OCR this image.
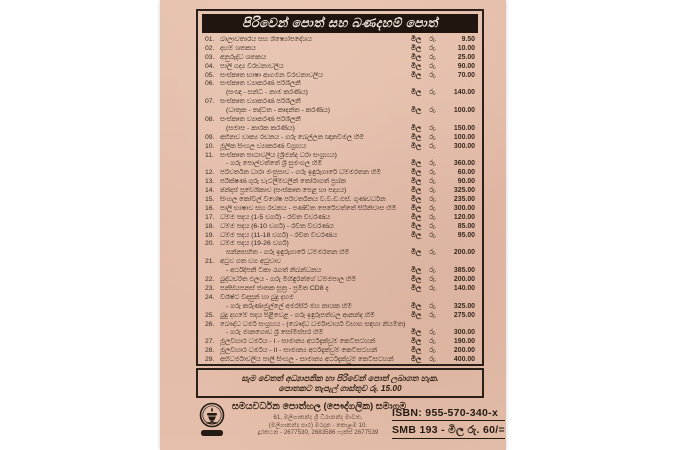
පිරිවෙන් පොත් සහ බණදහම් පොත්
01. බාලාවතාරය සහ ශිෂ්‍යෝපදේශය	මිල	රු.	9.50
02. දහම් ශතකය	මිල	රු.	10.00
03. අනුරුද්ධ ශතකය	මිල	රු.	25.00
04. පාලි ගද්‍ය විරචනාවලිය	මිල	රු.	90.00
05. සංස්කෘත භාෂා ආගමන විරචනාවලිය	මිල	රු.	70.00
06. සංස්කෘත ව්‍යාකරණ පරිශීලනී
(සංඥා - සන්ධි - නාම කරණිය)	මිල	රු.	140.00
07. සංස්කෘත ව්‍යාකරණ පරිශීලනී
(ධාතුක - තද්ධිත - කෘදන්ත - කරණිය)	මිල	රු.	100.00
08. සංස්කෘත ව්‍යාකරණ පරිශීලනී
(සමාස - කාරක කරණිය)	මිල	රු.	150.00
09. අභිනව වාක්‍ය රචනය - ගරු බෙල්ලන ඥානවිමල හිමි	මිල	රු.	100.00
10. මූලික සිංහල ව්‍යාකරණ විග්‍රහය	මිල	රු.	300.00
11. සංස්කෘත පාඨාවලිය (ශ්‍රීමන්ද ධරා සංග්‍රහය)
- ගරු පොල්වත්තේ ශ්‍රී සුමංගල හිමි	මිල	රු.	360.00
12. පරිවර්තන ධාරා මංජුසාව - ගරු ඉඳුරුගාරේ ධම්මරතන හිමි	මිල	රු.	60.00
13. පරීක්ෂණ ගුරු වැටලීම්වලින් තෝරාගත් ප්‍රශ්න	මිල	රු.	90.00
14. ඡන්දස් ප්‍රවේශිකාව (සංස්කෘත පෙළ හා පද්‍යය)	මිල	රු.	325.00
15. සිංහල කෝවිල් විශේෂ පරිවර්තනය වී.වී.ඩී.එස්. ගුණවර්ධන	මිල	රු.	235.00
16. පාලි භාෂාව සහ රචනය - පණ්ඩිත පෙරේවත්තේ සිරිනිවාස හිමි	මිල	රු.	300.00
17. ධම්ම පදය (1-5 වර්ග) - රචිත විවරණය	මිල	රු.	120.00
18. ධම්ම පදය (6-10 වර්ග) - රචිත විවරණය	මිල	රු.	85.00
19. ධම්ම පදය (11-18 වර්ග) - රචිත විවරණය	මිල	රු.	95.00
20. ධම්ම පදය (19-26 වර්ග)
සන්නසහිත - ගරු ඉඳුරුගාරේ ධම්මරතන හිමි	මිල	රු.	200.00
21. අටුව ගත වග අටුවාව
- අර්ථදීපනී ටීකා රැගත් නිබන්ධනය	මිල	රු.	385.00
22. බුද්ධචරිත ඵලය - ගරු මිහිඳුරන්ගේ ධම්මපාල හිමි	මිල	රු.	200.00
23. පන්සියපනස් ජාතක සූත්‍ර - ප්‍රමිත CD8 ද	මිල	රු.	140.00
24. විශිෂ්ට විදසුන් හා බුදු දහම
- ගරු කරුණාමුල්ලේ අමරසිරි මහ නායක හිමි	මිල	රු.	325.00
25. බුදු දහමේ පදය පිළිවෙළ - ගරු ඉඳුරුපත්වල ආනන්ද හිමි	මිල	රු.	275.00
26. බෞද්ධ ධර්ම සංග්‍රහය - (බෞද්ධ ධර්මාචාර්ය විභාග සඳහා නියමිත)
- ගරු මානගොඩ ශ්‍රී සෝමිස්සර හිමි	මිල	රු.	300.00
27. මූලවිහාර ධර්මය - I - සාමාන්‍ය අර්ථදැක්වුම් කෙටිසටහන්	මිල	රු.	190.00
28. මූලවිහාර ධර්මය - II - සාමාන්‍ය අර්ථදැක්වුම් කෙටිසටහන්	මිල	රු.	200.00
29. අභිධර්මාවලිය පාලි සිංහල - සාමාන්‍ය අර්ථදැක්වුම් කෙටිසටහන්	මිල	රු.	400.00
සැම වෙතත් අධ්‍යාපනික හා පිරිවෙන් පොත් ලබාගත හැක.
පොතකට තැපැල් ගාස්තුව රු. 15.00
සමයවර්ධන පොත්හල (පෞද්ගලික) සමාගම
61, මලිගාකන්ද ශ්‍රී ධීරානන්ද මාවත,
(මලිගාකන්ද පාර) මරදාන - කොළඹ 10.
දුරකථන - 2677530, 2683586 ෆැක්ස් 2677539
ISBN: 955-570-340-x
SMB 193 - මිල රු. 60/=
